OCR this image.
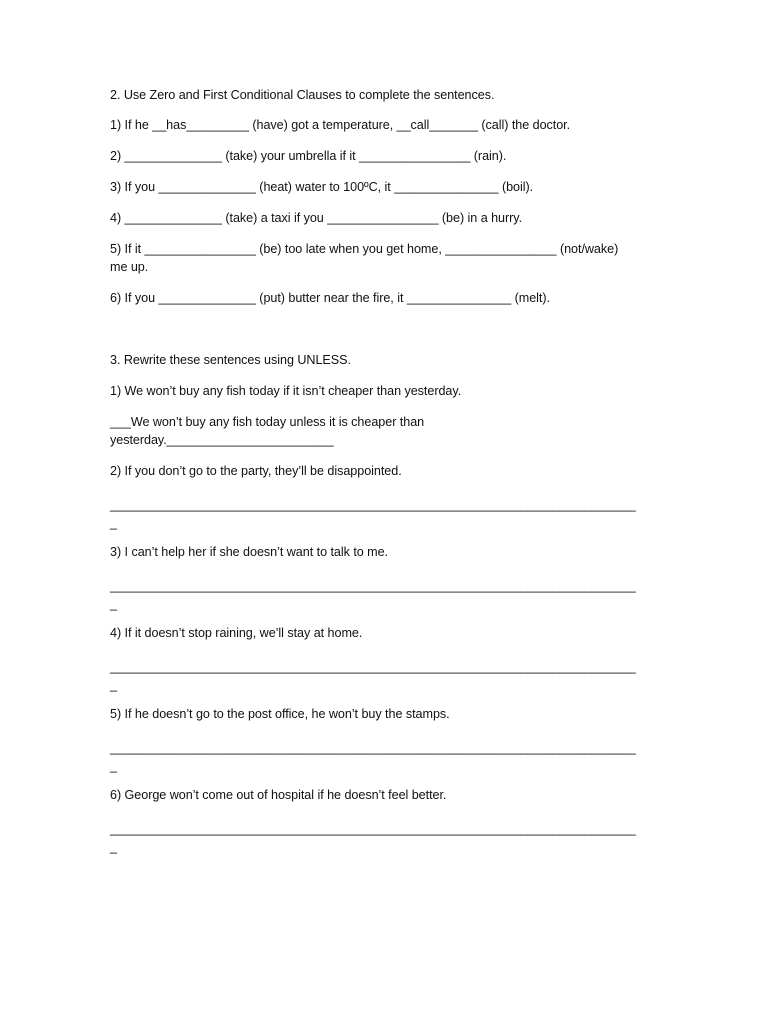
2. Use Zero and First Conditional Clauses to complete the sentences.
1) If he __has_________ (have) got a temperature, __call_______ (call) the doctor.
2) ______________ (take) your umbrella if it ________________ (rain).
3) If you ______________ (heat) water to 100ºC, it _______________ (boil).
4) ______________ (take) a taxi if you ________________ (be) in a hurry.
5) If it ________________ (be) too late when you get home, ________________ (not/wake)
me up.
6) If you ______________ (put) butter near the fire, it _______________ (melt).
3. Rewrite these sentences using UNLESS.
1) We won’t buy any fish today if it isn’t cheaper than yesterday.
___We won’t buy any fish today unless it is cheaper than
yesterday.________________________
2) If you don’t go to the party, they’ll be disappointed.
__________________________________________________________________________________
_
3) I can’t help her if she doesn’t want to talk to me.
__________________________________________________________________________________
_
4) If it doesn’t stop raining, we’ll stay at home.
__________________________________________________________________________________
_
5) If he doesn’t go to the post office, he won’t buy the stamps.
__________________________________________________________________________________
_
6) George won’t come out of hospital if he doesn’t feel better.
__________________________________________________________________________________
_
